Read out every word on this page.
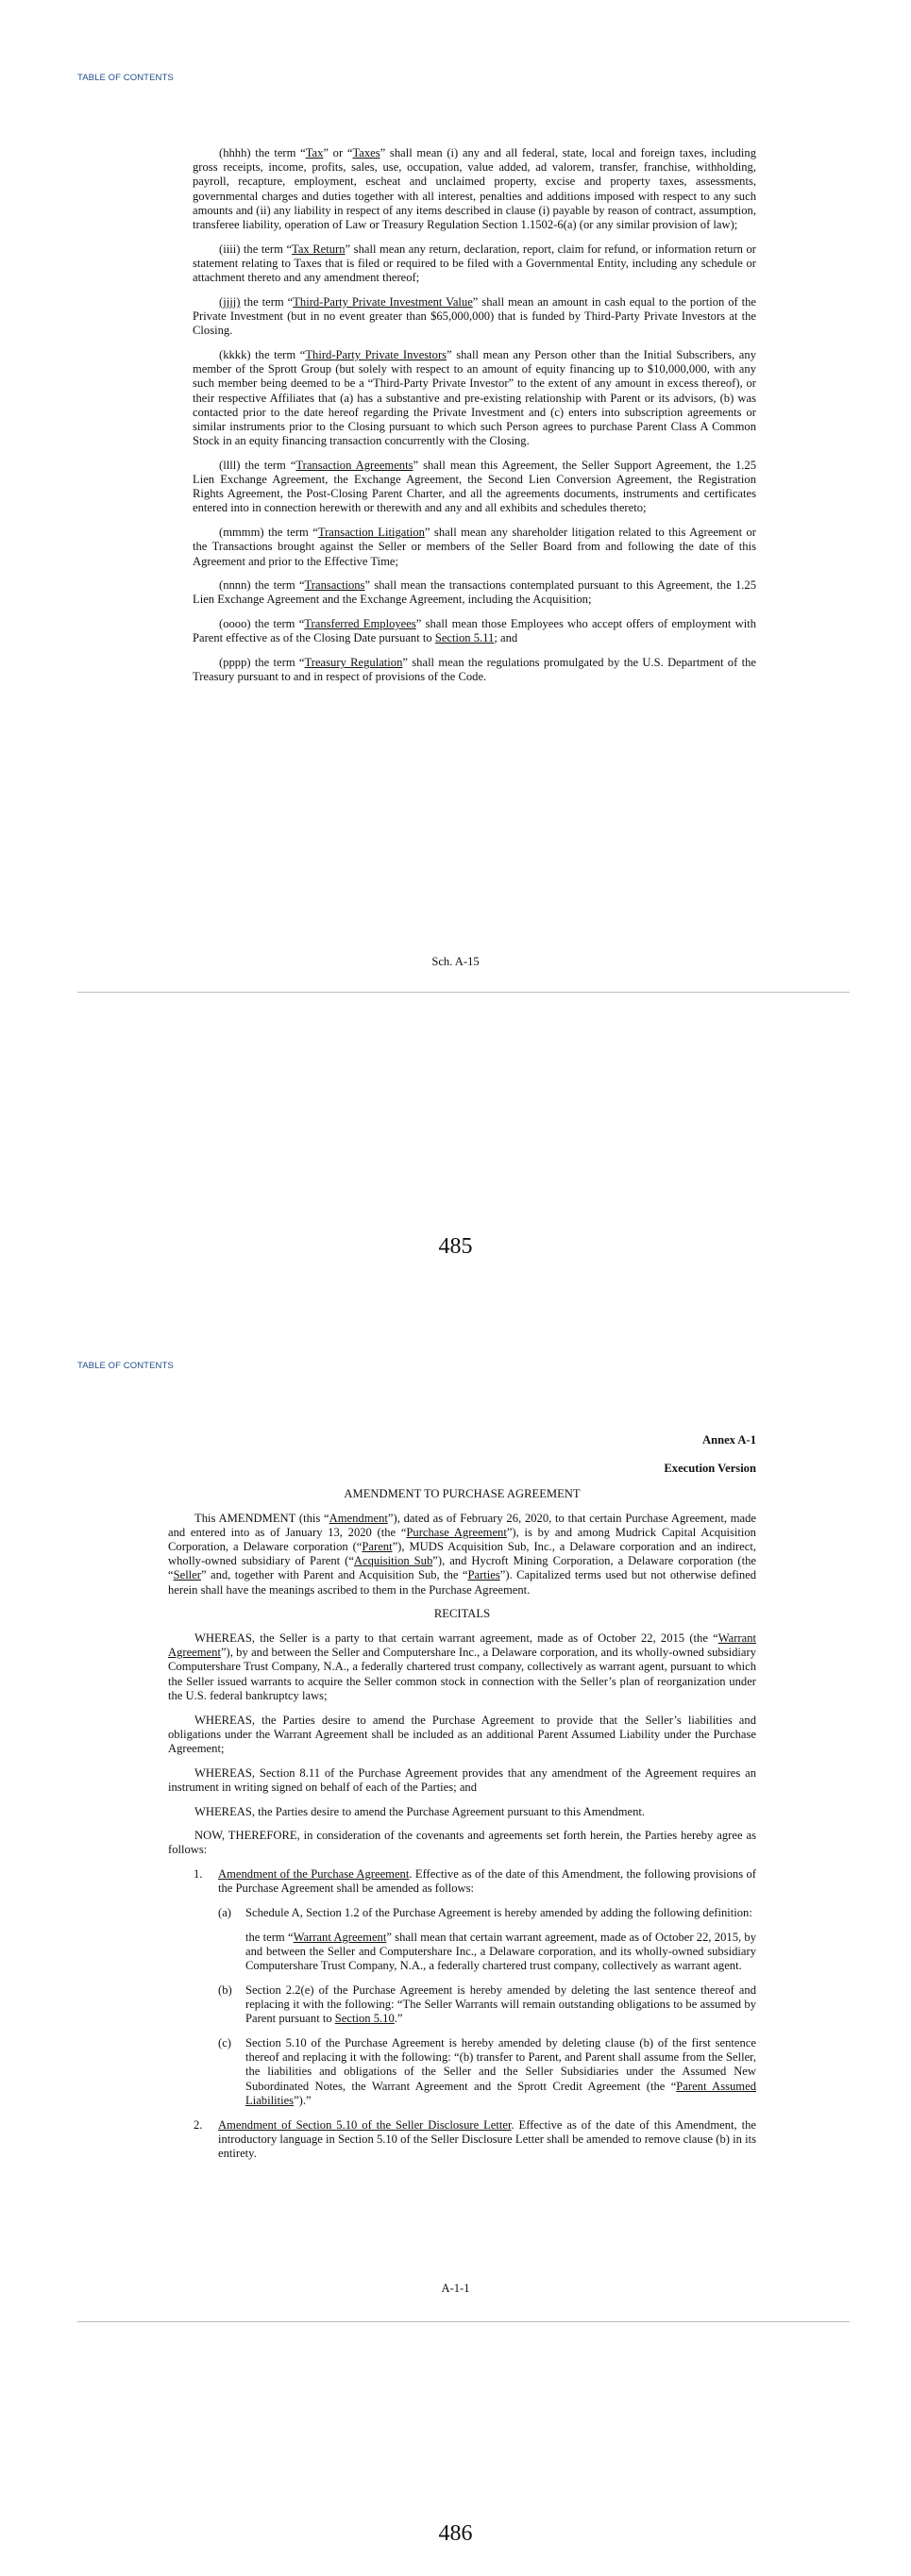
TABLE OF CONTENTS

(hhhh) the term “Tax” or “Taxes” shall mean (i) any and all federal, state, local and foreign taxes, including gross receipts, income, profits, sales, use, occupation, value added, ad valorem, transfer, franchise, withholding, payroll, recapture, employment, escheat and unclaimed property, excise and property taxes, assessments, governmental charges and duties together with all interest, penalties and additions imposed with respect to any such amounts and (ii) any liability in respect of any items described in clause (i) payable by reason of contract, assumption, transferee liability, operation of Law or Treasury Regulation Section 1.1502-6(a) (or any similar provision of law);

(iiii) the term “Tax Return” shall mean any return, declaration, report, claim for refund, or information return or statement relating to Taxes that is filed or required to be filed with a Governmental Entity, including any schedule or attachment thereto and any amendment thereof;

(jjjj) the term “Third-Party Private Investment Value” shall mean an amount in cash equal to the portion of the Private Investment (but in no event greater than $65,000,000) that is funded by Third-Party Private Investors at the Closing.

(kkkk) the term “Third-Party Private Investors” shall mean any Person other than the Initial Subscribers, any member of the Sprott Group (but solely with respect to an amount of equity financing up to $10,000,000, with any such member being deemed to be a “Third-Party Private Investor” to the extent of any amount in excess thereof), or their respective Affiliates that (a) has a substantive and pre-existing relationship with Parent or its advisors, (b) was contacted prior to the date hereof regarding the Private Investment and (c) enters into subscription agreements or similar instruments prior to the Closing pursuant to which such Person agrees to purchase Parent Class A Common Stock in an equity financing transaction concurrently with the Closing.

(llll) the term “Transaction Agreements” shall mean this Agreement, the Seller Support Agreement, the 1.25 Lien Exchange Agreement, the Exchange Agreement, the Second Lien Conversion Agreement, the Registration Rights Agreement, the Post-Closing Parent Charter, and all the agreements documents, instruments and certificates entered into in connection herewith or therewith and any and all exhibits and schedules thereto;

(mmmm) the term “Transaction Litigation” shall mean any shareholder litigation related to this Agreement or the Transactions brought against the Seller or members of the Seller Board from and following the date of this Agreement and prior to the Effective Time;

(nnnn) the term “Transactions” shall mean the transactions contemplated pursuant to this Agreement, the 1.25 Lien Exchange Agreement and the Exchange Agreement, including the Acquisition;

(oooo) the term “Transferred Employees” shall mean those Employees who accept offers of employment with Parent effective as of the Closing Date pursuant to Section 5.11; and

(pppp) the term “Treasury Regulation” shall mean the regulations promulgated by the U.S. Department of the Treasury pursuant to and in respect of provisions of the Code.

Sch. A-15
485
TABLE OF CONTENTS

Annex A-1

Execution Version

AMENDMENT TO PURCHASE AGREEMENT

This AMENDMENT (this “Amendment”), dated as of February 26, 2020, to that certain Purchase Agreement, made and entered into as of January 13, 2020 (the “Purchase Agreement”), is by and among Mudrick Capital Acquisition Corporation, a Delaware corporation (“Parent”), MUDS Acquisition Sub, Inc., a Delaware corporation and an indirect, wholly-owned subsidiary of Parent (“Acquisition Sub”), and Hycroft Mining Corporation, a Delaware corporation (the “Seller” and, together with Parent and Acquisition Sub, the “Parties”). Capitalized terms used but not otherwise defined herein shall have the meanings ascribed to them in the Purchase Agreement.

RECITALS

WHEREAS, the Seller is a party to that certain warrant agreement, made as of October 22, 2015 (the “Warrant Agreement”), by and between the Seller and Computershare Inc., a Delaware corporation, and its wholly-owned subsidiary Computershare Trust Company, N.A., a federally chartered trust company, collectively as warrant agent, pursuant to which the Seller issued warrants to acquire the Seller common stock in connection with the Seller’s plan of reorganization under the U.S. federal bankruptcy laws;

WHEREAS, the Parties desire to amend the Purchase Agreement to provide that the Seller’s liabilities and obligations under the Warrant Agreement shall be included as an additional Parent Assumed Liability under the Purchase Agreement;

WHEREAS, Section 8.11 of the Purchase Agreement provides that any amendment of the Agreement requires an instrument in writing signed on behalf of each of the Parties; and

WHEREAS, the Parties desire to amend the Purchase Agreement pursuant to this Amendment.

NOW, THEREFORE, in consideration of the covenants and agreements set forth herein, the Parties hereby agree as follows:

1. Amendment of the Purchase Agreement. Effective as of the date of this Amendment, the following provisions of the Purchase Agreement shall be amended as follows:
(a) Schedule A, Section 1.2 of the Purchase Agreement is hereby amended by adding the following definition:
the term “Warrant Agreement” shall mean that certain warrant agreement, made as of October 22, 2015, by and between the Seller and Computershare Inc., a Delaware corporation, and its wholly-owned subsidiary Computershare Trust Company, N.A., a federally chartered trust company, collectively as warrant agent.
(b) Section 2.2(e) of the Purchase Agreement is hereby amended by deleting the last sentence thereof and replacing it with the following: “The Seller Warrants will remain outstanding obligations to be assumed by Parent pursuant to Section 5.10.”
(c) Section 5.10 of the Purchase Agreement is hereby amended by deleting clause (b) of the first sentence thereof and replacing it with the following: “(b) transfer to Parent, and Parent shall assume from the Seller, the liabilities and obligations of the Seller and the Seller Subsidiaries under the Assumed New Subordinated Notes, the Warrant Agreement and the Sprott Credit Agreement (the “Parent Assumed Liabilities”).”
2. Amendment of Section 5.10 of the Seller Disclosure Letter. Effective as of the date of this Amendment, the introductory language in Section 5.10 of the Seller Disclosure Letter shall be amended to remove clause (b) in its entirety.
A-1-1
486
